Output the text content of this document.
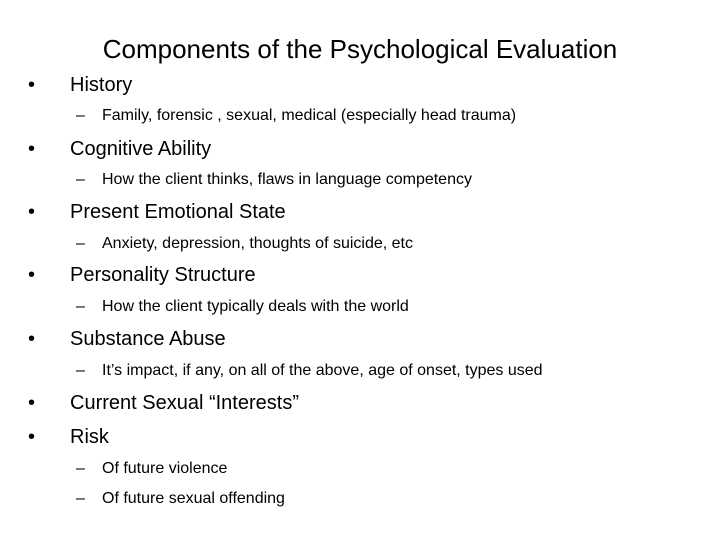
Components of the Psychological Evaluation
• History
– Family, forensic , sexual, medical (especially head trauma)
• Cognitive Ability
– How the client thinks, flaws in language competency
• Present Emotional State
– Anxiety, depression, thoughts of suicide, etc
• Personality Structure
– How the client typically deals with the world
• Substance Abuse
– It’s impact, if any, on all of the above, age of onset, types used
• Current Sexual “Interests”
• Risk
– Of future violence
– Of future sexual offending
